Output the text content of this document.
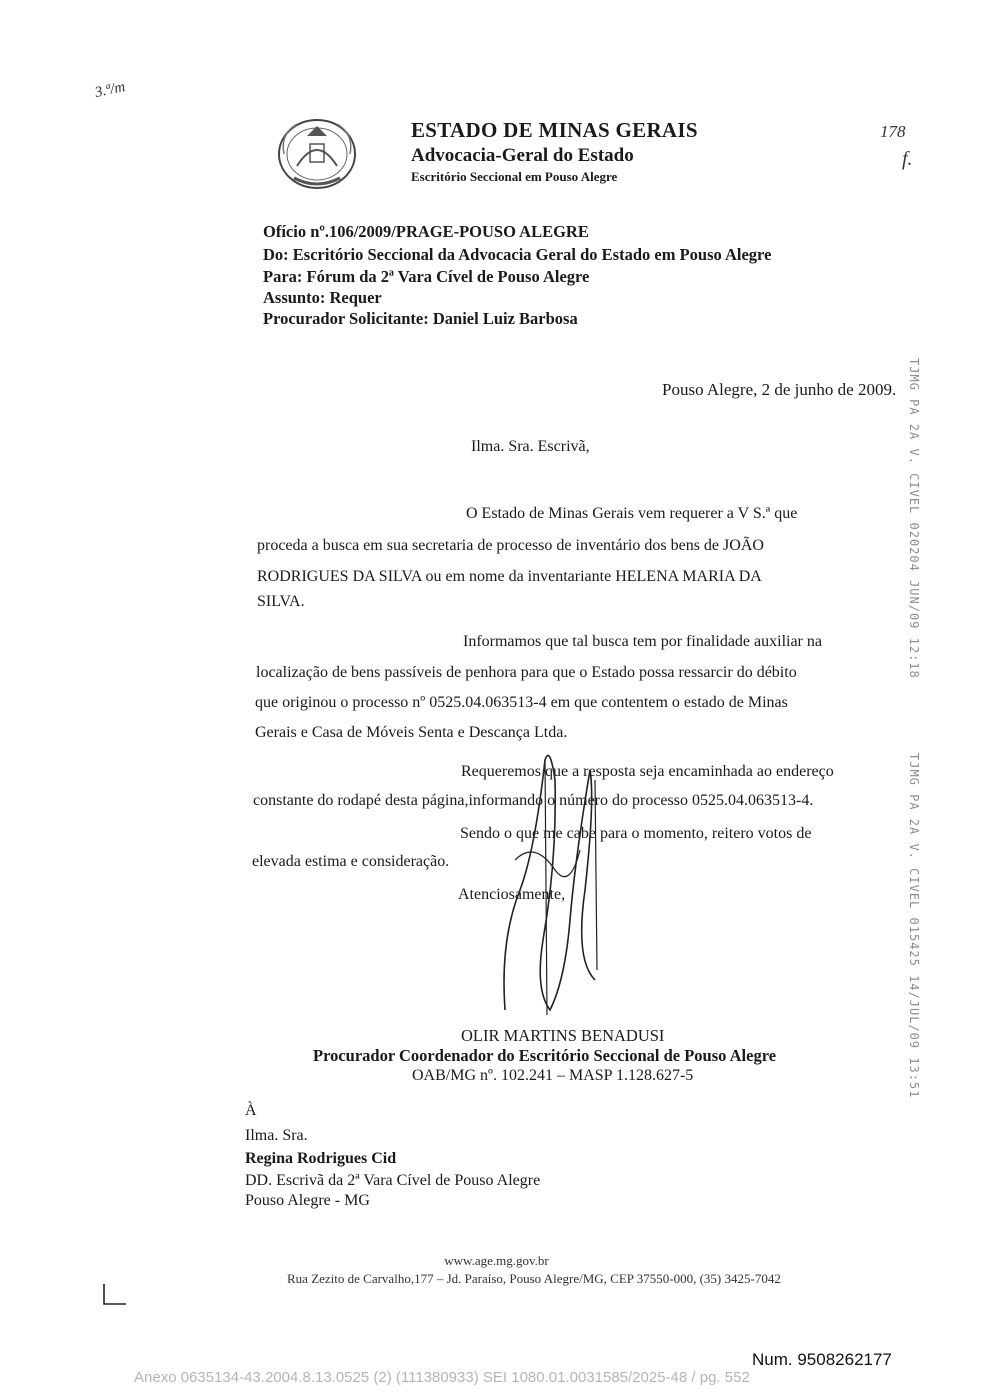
ESTADO DE MINAS GERAIS
Advocacia-Geral do Estado
Escritório Seccional em Pouso Alegre
178
f.
3.ª/m
Ofício nº.106/2009/PRAGE-POUSO ALEGRE
Do: Escritório Seccional da Advocacia Geral do Estado em Pouso Alegre
Para: Fórum da 2ª Vara Cível de Pouso Alegre
Assunto: Requer
Procurador Solicitante: Daniel Luiz Barbosa
Pouso Alegre, 2 de junho de 2009.
Ilma. Sra. Escrivã,
O Estado de Minas Gerais vem requerer a V S.ª que
proceda a busca em sua secretaria de processo de inventário dos bens de JOÃO
RODRIGUES DA SILVA ou em nome da inventariante HELENA MARIA DA
SILVA.
Informamos que tal busca tem por finalidade auxiliar na
localização de bens passíveis de penhora para que o Estado possa ressarcir do débito
que originou o processo nº 0525.04.063513-4 em que contentem o estado de Minas
Gerais e Casa de Móveis Senta e Descança Ltda.
Requeremos que a resposta seja encaminhada ao endereço
constante do rodapé desta página,informando o número do processo 0525.04.063513-4.
Sendo o que me cabe para o momento, reitero votos de
elevada estima e consideração.
Atenciosamente,
OLIR MARTINS BENADUSI
Procurador Coordenador do Escritório Seccional de Pouso Alegre
OAB/MG nº. 102.241 – MASP 1.128.627-5
À
Ilma. Sra.
Regina Rodrigues Cid
DD. Escrivã da 2ª Vara Cível de Pouso Alegre
Pouso Alegre - MG
TJMG PA 2A V. CIVEL 020204 JUN/09 12:18
TJMG PA 2A V. CIVEL 015425 14/JUL/09 13:51
www.age.mg.gov.br
Rua Zezito de Carvalho,177 – Jd. Paraíso, Pouso Alegre/MG, CEP 37550-000, (35) 3425-7042
Num. 9508262177
Anexo 0635134-43.2004.8.13.0525 (2) (111380933) SEI 1080.01.0031585/2025-48 / pg. 552
